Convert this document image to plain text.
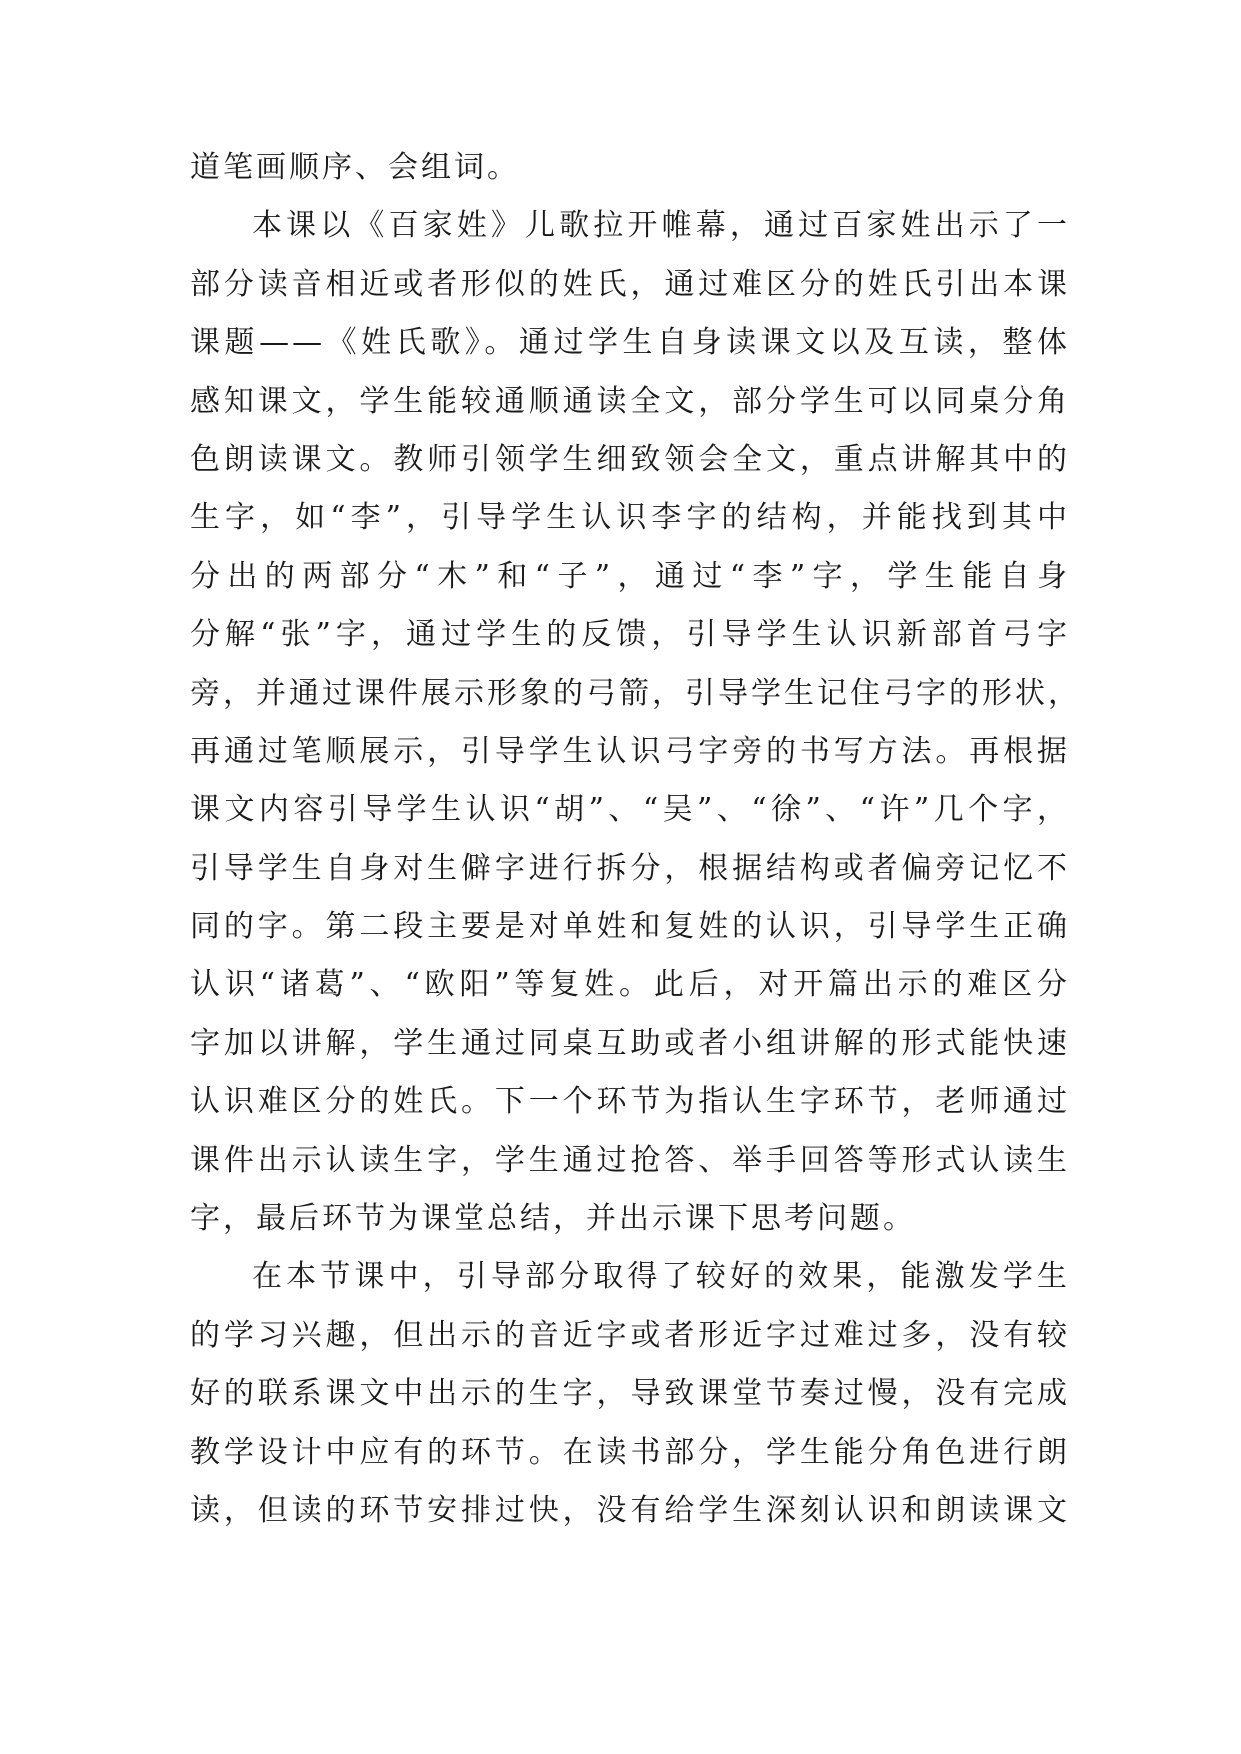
道笔画顺序、会组词。
本课以《百家姓》儿歌拉开帷幕，通过百家姓出示了一
部分读音相近或者形似的姓氏，通过难区分的姓氏引出本课
课题——《姓氏歌》。通过学生自身读课文以及互读，整体
感知课文，学生能较通顺通读全文，部分学生可以同桌分角
色朗读课文。教师引领学生细致领会全文，重点讲解其中的
生字，如“李”，引导学生认识李字的结构，并能找到其中
分出的两部分“木”和“子”，通过“李”字，学生能自身
分解“张”字，通过学生的反馈，引导学生认识新部首弓字
旁，并通过课件展示形象的弓箭，引导学生记住弓字的形状，
再通过笔顺展示，引导学生认识弓字旁的书写方法。再根据
课文内容引导学生认识“胡”、“吴”、“徐”、“许”几个字，
引导学生自身对生僻字进行拆分，根据结构或者偏旁记忆不
同的字。第二段主要是对单姓和复姓的认识，引导学生正确
认识“诸葛”、“欧阳”等复姓。此后，对开篇出示的难区分
字加以讲解，学生通过同桌互助或者小组讲解的形式能快速
认识难区分的姓氏。下一个环节为指认生字环节，老师通过
课件出示认读生字，学生通过抢答、举手回答等形式认读生
字，最后环节为课堂总结，并出示课下思考问题。
在本节课中，引导部分取得了较好的效果，能激发学生
的学习兴趣，但出示的音近字或者形近字过难过多，没有较
好的联系课文中出示的生字，导致课堂节奏过慢，没有完成
教学设计中应有的环节。在读书部分，学生能分角色进行朗
读，但读的环节安排过快，没有给学生深刻认识和朗读课文
